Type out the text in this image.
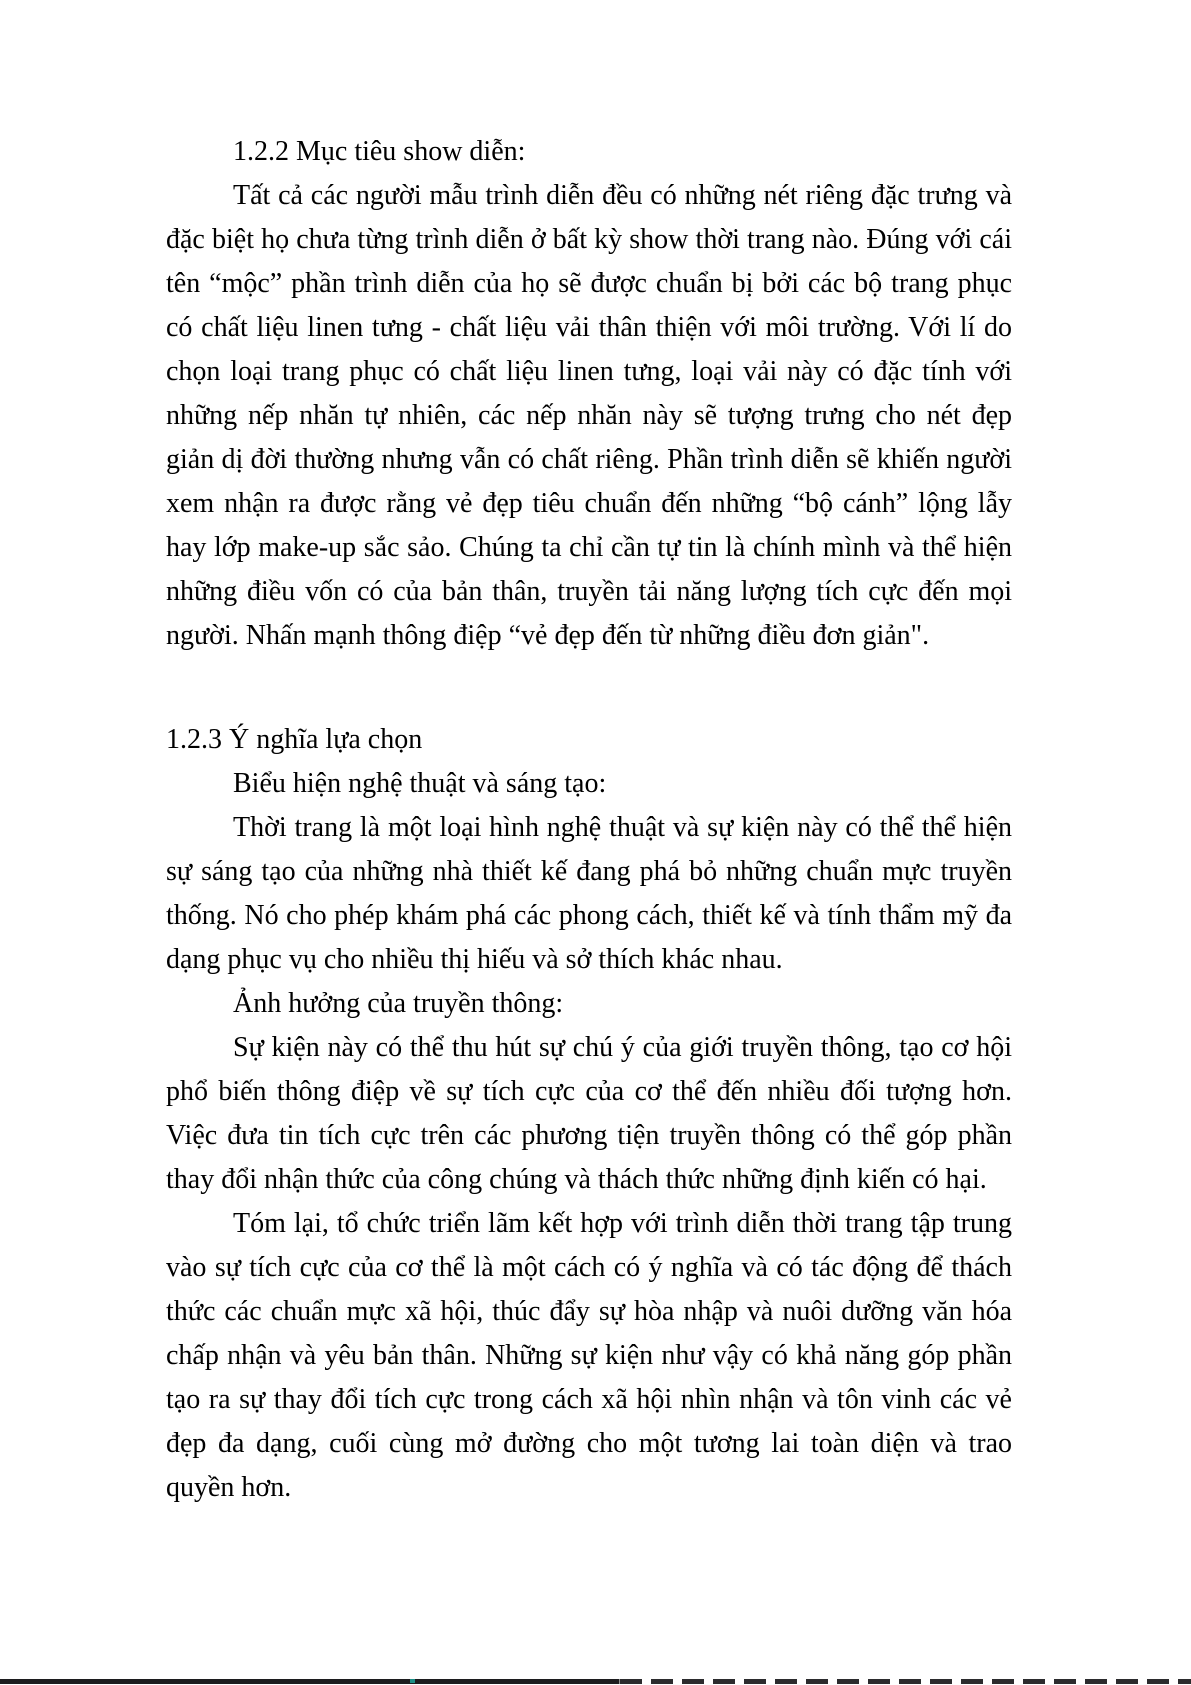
1.2.2 Mục tiêu show diễn:

Tất cả các người mẫu trình diễn đều có những nét riêng đặc trưng và đặc biệt họ chưa từng trình diễn ở bất kỳ show thời trang nào. Đúng với cái tên “mộc” phần trình diễn của họ sẽ được chuẩn bị bởi các bộ trang phục có chất liệu linen tưng - chất liệu vải thân thiện với môi trường. Với lí do chọn loại trang phục có chất liệu linen tưng, loại vải này có đặc tính với những nếp nhăn tự nhiên, các nếp nhăn này sẽ tượng trưng cho nét đẹp giản dị đời thường nhưng vẫn có chất riêng. Phần trình diễn sẽ khiến người xem nhận ra được rằng vẻ đẹp tiêu chuẩn đến những “bộ cánh” lộng lẫy hay lớp make-up sắc sảo. Chúng ta chỉ cần tự tin là chính mình và thể hiện những điều vốn có của bản thân, truyền tải năng lượng tích cực đến mọi người. Nhấn mạnh thông điệp “vẻ đẹp đến từ những điều đơn giản".

1.2.3 Ý nghĩa lựa chọn

Biểu hiện nghệ thuật và sáng tạo:

Thời trang là một loại hình nghệ thuật và sự kiện này có thể thể hiện sự sáng tạo của những nhà thiết kế đang phá bỏ những chuẩn mực truyền thống. Nó cho phép khám phá các phong cách, thiết kế và tính thẩm mỹ đa dạng phục vụ cho nhiều thị hiếu và sở thích khác nhau.

Ảnh hưởng của truyền thông:

Sự kiện này có thể thu hút sự chú ý của giới truyền thông, tạo cơ hội phổ biến thông điệp về sự tích cực của cơ thể đến nhiều đối tượng hơn. Việc đưa tin tích cực trên các phương tiện truyền thông có thể góp phần thay đổi nhận thức của công chúng và thách thức những định kiến có hại.

Tóm lại, tổ chức triển lãm kết hợp với trình diễn thời trang tập trung vào sự tích cực của cơ thể là một cách có ý nghĩa và có tác động để thách thức các chuẩn mực xã hội, thúc đẩy sự hòa nhập và nuôi dưỡng văn hóa chấp nhận và yêu bản thân. Những sự kiện như vậy có khả năng góp phần tạo ra sự thay đổi tích cực trong cách xã hội nhìn nhận và tôn vinh các vẻ đẹp đa dạng, cuối cùng mở đường cho một tương lai toàn diện và trao quyền hơn.
